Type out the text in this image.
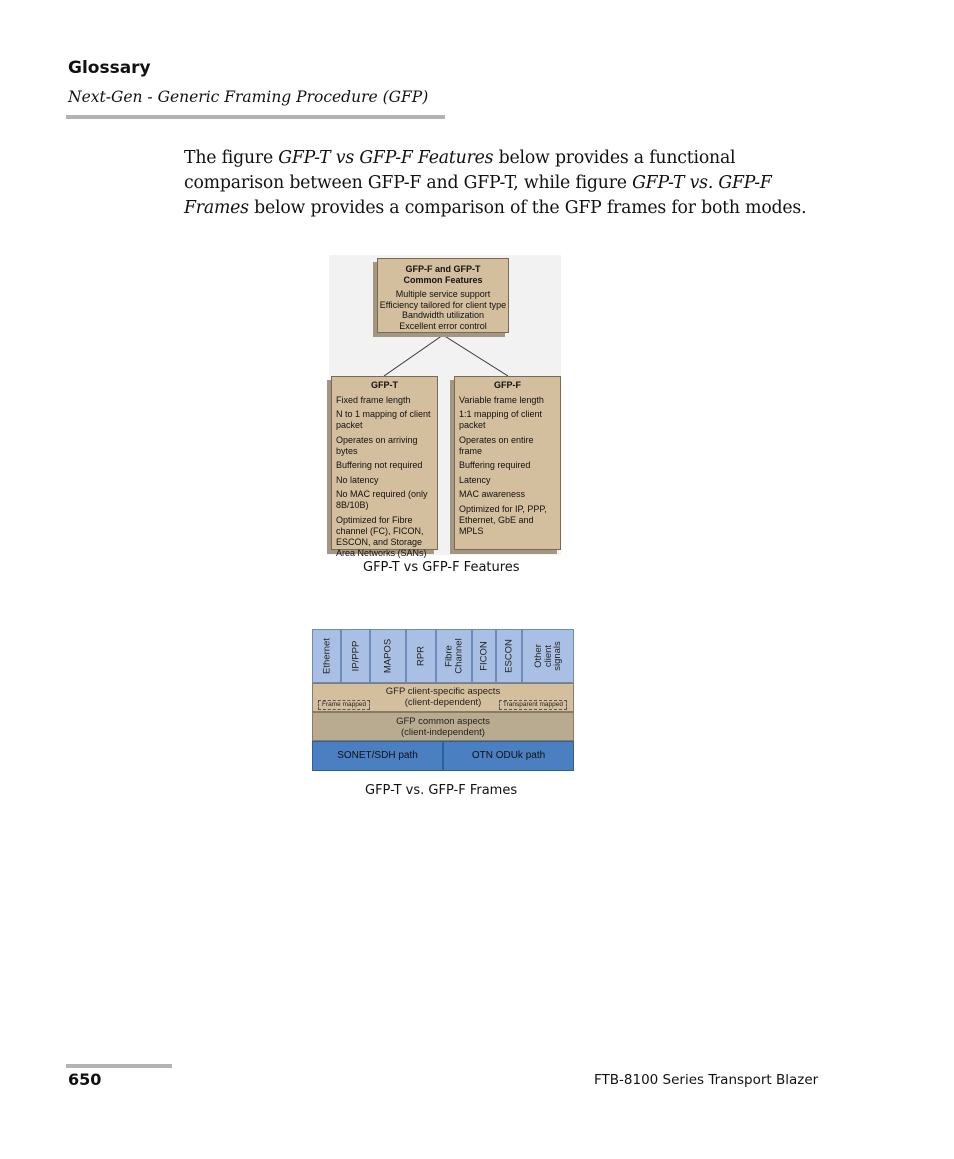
Glossary
Next-Gen - Generic Framing Procedure (GFP)
The figure GFP-T vs GFP-F Features below provides a functional comparison between GFP-F and GFP-T, while figure GFP-T vs. GFP-F Frames below provides a comparison of the GFP frames for both modes.
GFP-F and GFP-T
Common Features
Multiple service support
Efficiency tailored for client type
Bandwidth utilization
Excellent error control
GFP-T
Fixed frame length
N to 1 mapping of client packet
Operates on arriving bytes
Buffering not required
No latency
No MAC required (only 8B/10B)
Optimized for Fibre channel (FC), FICON, ESCON, and Storage Area Networks (SANs)
GFP-F
Variable frame length
1:1 mapping of client packet
Operates on entire frame
Buffering required
Latency
MAC awareness
Optimized for IP, PPP, Ethernet, GbE and MPLS
GFP-T vs GFP-F Features
Ethernet IP/PPP MAPOS RPR Fibre
Channel FICON ESCON Other
client
signals
GFP client-specific aspects
(client-dependent)
Frame mapped	Transparent mapped
GFP common aspects
(client-independent)
SONET/SDH path	OTN ODUk path
GFP-T vs. GFP-F Frames
650	FTB-8100 Series Transport Blazer
